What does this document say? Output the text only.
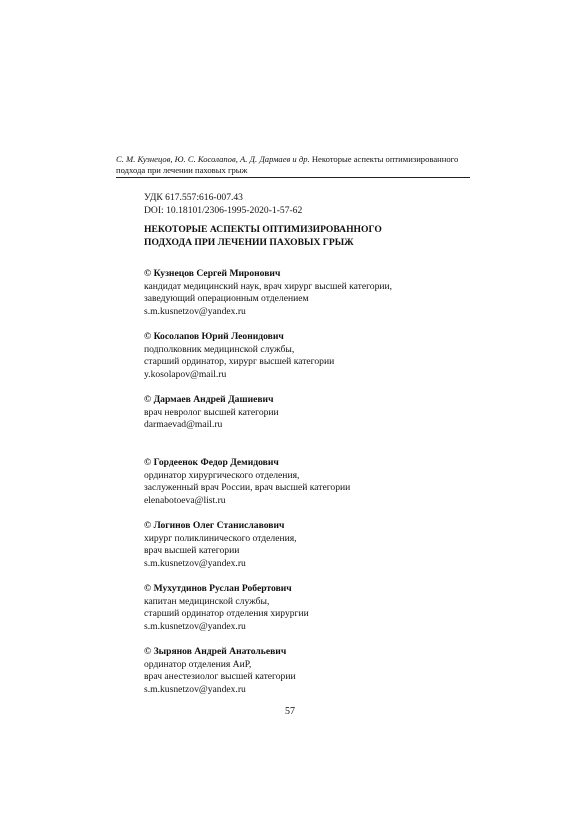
С. М. Кузнецов, Ю. С. Косолапов, А. Д. Дармаев и др. Некоторые аспекты оптимизированного
подхода при лечении паховых грыж
УДК 617.557:616-007.43
DOI: 10.18101/2306-1995-2020-1-57-62
НЕКОТОРЫЕ АСПЕКТЫ ОПТИМИЗИРОВАННОГО
ПОДХОДА ПРИ ЛЕЧЕНИИ ПАХОВЫХ ГРЫЖ
© Кузнецов Сергей Миронович
кандидат медицинский наук, врач хирург высшей категории,
заведующий операционным отделением
s.m.kusnetzov@yandex.ru
© Косолапов Юрий Леонидович
подполковник медицинской службы,
старший ординатор, хирург высшей категории
y.kosolapov@mail.ru
© Дармаев Андрей Дашиевич
врач невролог высшей категории
darmaevad@mail.ru
© Гордеенок Федор Демидович
ординатор хирургического отделения,
заслуженный врач России, врач высшей категории
elenabotoeva@list.ru
© Логинов Олег Станиславович
хирург поликлинического отделения,
врач высшей категории
s.m.kusnetzov@yandex.ru
© Мухутдинов Руслан Робертович
капитан медицинской службы,
старший ординатор отделения хирургии
s.m.kusnetzov@yandex.ru
© Зырянов Андрей Анатольевич
ординатор отделения АиР,
врач анестезиолог высшей категории
s.m.kusnetzov@yandex.ru
57
